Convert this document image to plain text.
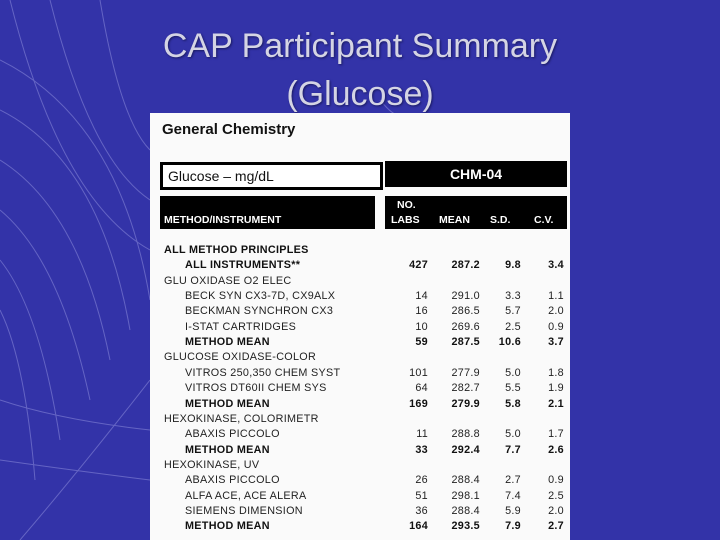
CAP Participant Summary
(Glucose)
General Chemistry
Glucose – mg/dL	CHM-04
METHOD/INSTRUMENT
NO.
LABS MEAN S.D. C.V.
ALL METHOD PRINCIPLES
ALL INSTRUMENTS**	427 287.2 9.8	3.4
GLU OXIDASE O2 ELEC
BECK SYN CX3-7D, CX9ALX	14 291.0 3.3	1.1
BECKMAN SYNCHRON CX3	16 286.5 5.7	2.0
I-STAT CARTRIDGES	10 269.6 2.5	0.9
METHOD MEAN	59 287.5 10.6	3.7
GLUCOSE OXIDASE-COLOR
VITROS 250,350 CHEM SYST	101 277.9 5.0	1.8
VITROS DT60II CHEM SYS	64 282.7 5.5	1.9
METHOD MEAN	169 279.9 5.8	2.1
HEXOKINASE, COLORIMETR
ABAXIS PICCOLO	11 288.8 5.0	1.7
METHOD MEAN	33 292.4 7.7	2.6
HEXOKINASE, UV
ABAXIS PICCOLO	26 288.4 2.7	0.9
ALFA ACE, ACE ALERA	51 298.1 7.4	2.5
SIEMENS DIMENSION	36 288.4 5.9	2.0
METHOD MEAN	164 293.5 7.9	2.7
